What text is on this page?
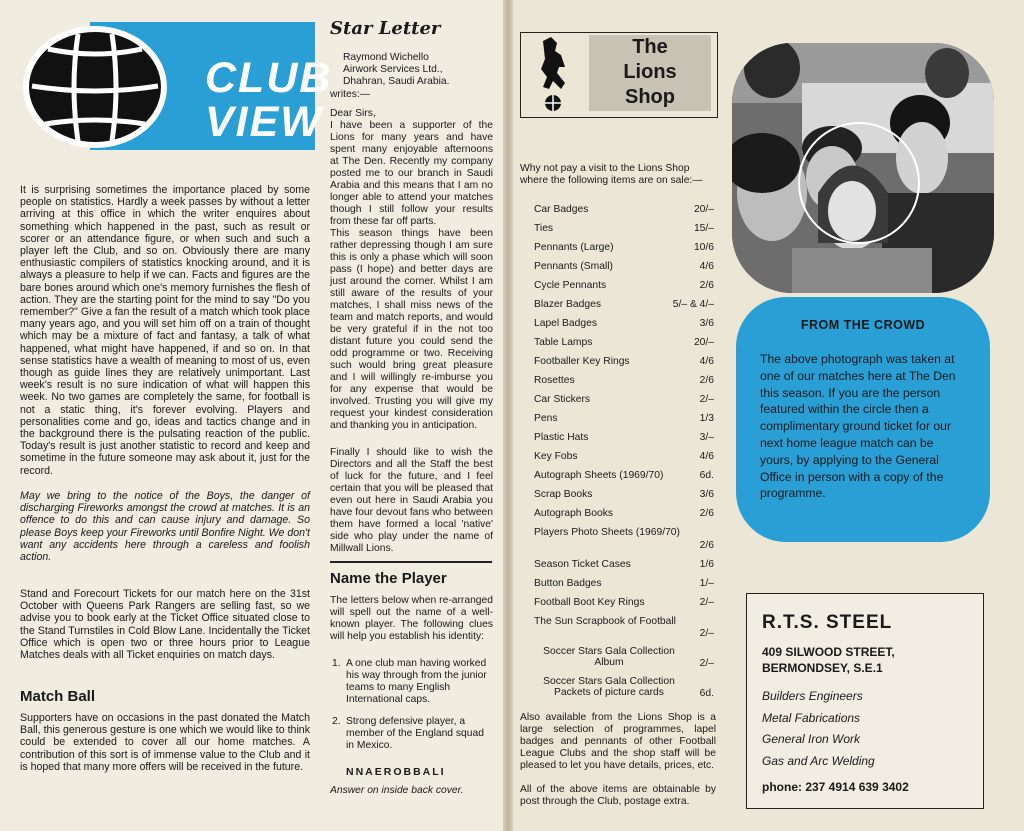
CLUB
VIEW

It is surprising sometimes the importance placed by some people on statistics. Hardly a week passes by without a letter arriving at this office in which the writer enquires about something which happened in the past, such as result or scorer or an attendance figure, or when such and such a player left the Club, and so on. Obviously there are many enthusiastic compilers of statistics knocking around, and it is always a pleasure to help if we can. Facts and figures are the bare bones around which one's memory furnishes the flesh of action. They are the starting point for the mind to say "Do you remember?" Give a fan the result of a match which took place many years ago, and you will set him off on a train of thought which may be a mixture of fact and fantasy, a talk of what happened, what might have happened, if and so on. In that sense statistics have a wealth of meaning to most of us, even though as guide lines they are relatively unimportant. Last week's result is no sure indication of what will happen this week. No two games are completely the same, for football is not a static thing, it's forever evolving. Players and personalities come and go, ideas and tactics change and in the background there is the pulsating reaction of the public. Today's result is just another statistic to record and keep and sometime in the future someone may ask about it, just for the record.

May we bring to the notice of the Boys, the danger of discharging Fireworks amongst the crowd at matches. It is an offence to do this and can cause injury and damage. So please Boys keep your Fireworks until Bonfire Night. We don't want any accidents here through a careless and foolish action.

Stand and Forecourt Tickets for our match here on the 31st October with Queens Park Rangers are selling fast, so we advise you to book early at the Ticket Office situated close to the Stand Turnstiles in Cold Blow Lane. Incidentally the Ticket Office which is open two or three hours prior to League Matches deals with all Ticket enquiries on match days.

Match Ball

Supporters have on occasions in the past donated the Match Ball, this generous gesture is one which we would like to think could be extended to cover all our home matches. A contribution of this sort is of immense value to the Club and it is hoped that many more offers will be received in the future.

Star Letter
Raymond Wichello
Airwork Services Ltd.,
Dhahran, Saudi Arabia.
writes:—
Dear Sirs,

I have been a supporter of the Lions for many years and have spent many enjoyable afternoons at The Den. Recently my company posted me to our branch in Saudi Arabia and this means that I am no longer able to attend your matches though I still follow your results from these far off parts.

This season things have been rather depressing though I am sure this is only a phase which will soon pass (I hope) and better days are just around the corner. Whilst I am still aware of the results of your matches, I shall miss news of the team and match reports, and would be very grateful if in the not too distant future you could send the odd programme or two. Receiving such would bring great pleasure and I will willingly re-imburse you for any expense that would be involved. Trusting you will give my request your kindest consideration and thanking you in anticipation.

Finally I should like to wish the Directors and all the Staff the best of luck for the future, and I feel certain that you will be pleased that even out here in Saudi Arabia you have four devout fans who between them have formed a local 'native' side who play under the name of Millwall Lions.

Name the Player

The letters below when re-arranged will spell out the name of a well-known player. The following clues will help you establish his identity:

1. A one club man having worked his way through from the junior teams to many English International caps.
2. Strong defensive player, a member of the England squad in Mexico.
NNAEROBBALI
Answer on inside back cover.
The
Lions
Shop

Why not pay a visit to the Lions Shop where the following items are on sale:—

Car Badges	20/–
Ties	15/–
Pennants (Large)	10/6
Pennants (Small)	4/6
Cycle Pennants	2/6
Blazer Badges	5/– & 4/–
Lapel Badges	3/6
Table Lamps	20/–
Footballer Key Rings	4/6
Rosettes	2/6
Car Stickers	2/–
Pens	1/3
Plastic Hats	3/–
Key Fobs	4/6
Autograph Sheets (1969/70)	6d.
Scrap Books	3/6
Autograph Books	2/6
Players Photo Sheets (1969/70)
2/6
Season Ticket Cases	1/6
Button Badges	1/–
Football Boot Key Rings	2/–
The Sun Scrapbook of Football
2/–
Soccer Stars Gala Collection Album	2/–
Soccer Stars Gala Collection Packets of picture cards	6d.

Also available from the Lions Shop is a large selection of programmes, lapel badges and pennants of other Football League Clubs and the shop staff will be pleased to let you have details, prices, etc.

All of the above items are obtainable by post through the Club, postage extra.

FROM THE CROWD
The above photograph was taken at one of our matches here at The Den this season. If you are the person featured within the circle then a complimentary ground ticket for our next home league match can be yours, by applying to the General Office in person with a copy of the programme.
R.T.S. STEEL
409 SILWOOD STREET,
BERMONDSEY, S.E.1
Builders Engineers
Metal Fabrications
General Iron Work
Gas and Arc Welding
phone: 237 4914 639 3402
